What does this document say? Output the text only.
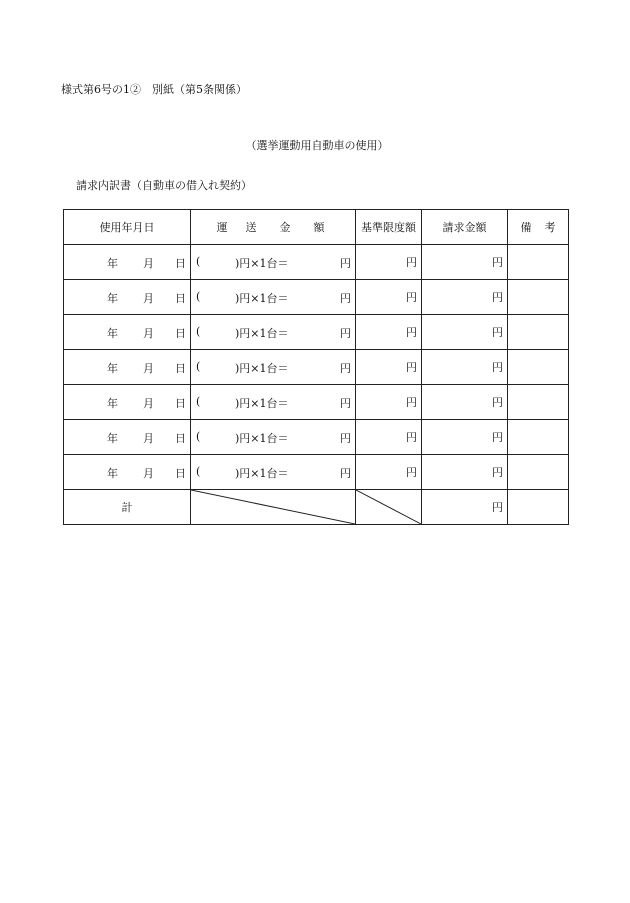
様式第6号の1②　別紙（第5条関係）
（選挙運動用自動車の使用）
請求内訳書（自動車の借入れ契約）
使用年月日	運 送 金 額	基準限度額	請求金額	備 考

年 月 日	( )円×1台＝ 円	円	円	

年 月 日	( )円×1台＝ 円	円	円	

年 月 日	( )円×1台＝ 円	円	円	

年 月 日	( )円×1台＝ 円	円	円	

年 月 日	( )円×1台＝ 円	円	円	

年 月 日	( )円×1台＝ 円	円	円	

年 月 日	( )円×1台＝ 円	円	円	
計			円	
